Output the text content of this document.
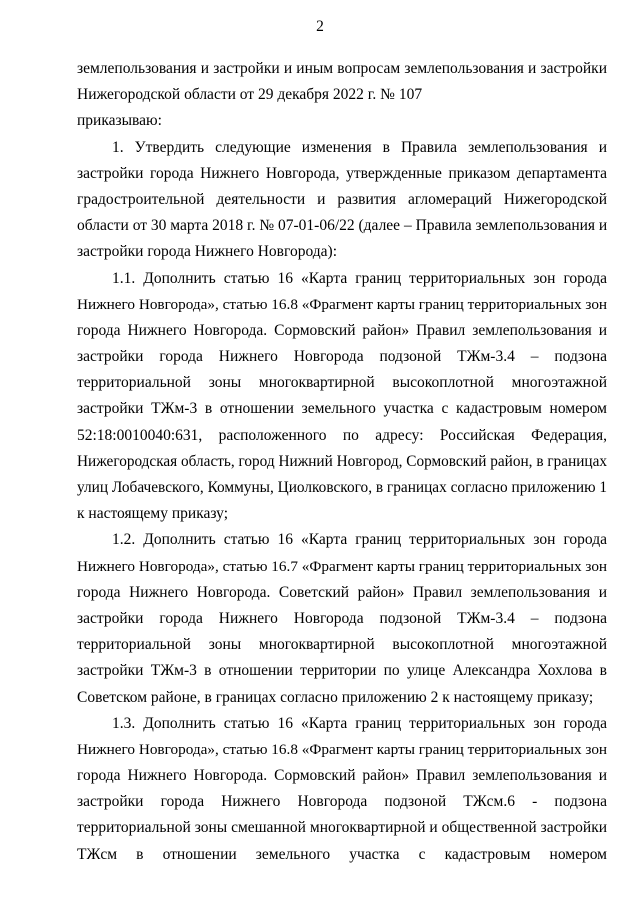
2
землепользования и застройки и иным вопросам землепользования и застройки
Нижегородской области от 29 декабря 2022 г. № 107
приказываю:
1. Утвердить следующие изменения в Правила землепользования и
застройки города Нижнего Новгорода, утвержденные приказом департамента
градостроительной деятельности и развития агломераций Нижегородской
области от 30 марта 2018 г. № 07-01-06/22 (далее – Правила землепользования и
застройки города Нижнего Новгорода):
1.1. Дополнить статью 16 «Карта границ территориальных зон города
Нижнего Новгорода», статью 16.8 «Фрагмент карты границ территориальных зон
города Нижнего Новгорода. Сормовский район» Правил землепользования и
застройки города Нижнего Новгорода подзоной ТЖм-3.4 – подзона
территориальной зоны многоквартирной высокоплотной многоэтажной
застройки ТЖм-3 в отношении земельного участка с кадастровым номером
52:18:0010040:631, расположенного по адресу: Российская Федерация,
Нижегородская область, город Нижний Новгород, Сормовский район, в границах
улиц Лобачевского, Коммуны, Циолковского, в границах согласно приложению 1
к настоящему приказу;
1.2. Дополнить статью 16 «Карта границ территориальных зон города
Нижнего Новгорода», статью 16.7 «Фрагмент карты границ территориальных зон
города Нижнего Новгорода. Советский район» Правил землепользования и
застройки города Нижнего Новгорода подзоной ТЖм-3.4 – подзона
территориальной зоны многоквартирной высокоплотной многоэтажной
застройки ТЖм-3 в отношении территории по улице Александра Хохлова в
Советском районе, в границах согласно приложению 2 к настоящему приказу;
1.3. Дополнить статью 16 «Карта границ территориальных зон города
Нижнего Новгорода», статью 16.8 «Фрагмент карты границ территориальных зон
города Нижнего Новгорода. Сормовский район» Правил землепользования и
застройки города Нижнего Новгорода подзоной ТЖсм.6 - подзона
территориальной зоны смешанной многоквартирной и общественной застройки
ТЖсм в отношении земельного участка с кадастровым номером
